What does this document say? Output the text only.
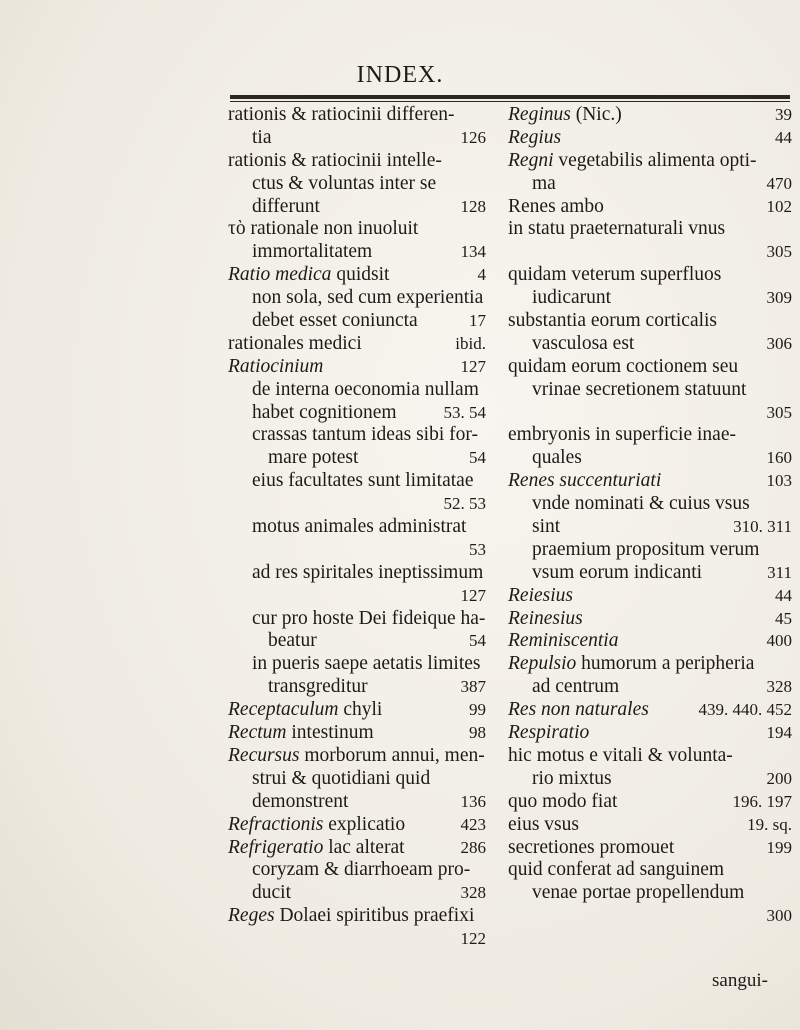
INDEX.
rationis & ratiocinii differen-
tia	126
rationis & ratiocinii intelle-
ctus & voluntas inter se
differunt	128
τὸ rationale non inuoluit
immortalitatem	134
Ratio medica quidsit	4
non sola, sed cum experientia
debet esset coniuncta	17
rationales medici	ibid.
Ratiocinium	127
de interna oeconomia nullam
habet cognitionem	53. 54
crassas tantum ideas sibi for-
mare potest	54
eius facultates sunt limitatae
52. 53
motus animales administrat
53
ad res spiritales ineptissimum
127
cur pro hoste Dei fideique ha-
beatur	54
in pueris saepe aetatis limites
transgreditur	387
Receptaculum chyli	99
Rectum intestinum	98
Recursus morborum annui, men-
strui & quotidiani quid
demonstrent	136
Refractionis explicatio	423
Refrigeratio lac alterat	286
coryzam & diarrhoeam pro-
ducit	328
Reges Dolaei spiritibus praefixi
122
Reginus (Nic.)	39
Regius	44
Regni vegetabilis alimenta opti-
ma	470
Renes ambo	102
in statu praeternaturali vnus
305
quidam veterum superfluos
iudicarunt	309
substantia eorum corticalis
vasculosa est	306
quidam eorum coctionem seu
vrinae secretionem statuunt
305
embryonis in superficie inae-
quales	160
Renes succenturiati	103
vnde nominati & cuius vsus
sint	310. 311
praemium propositum verum
vsum eorum indicanti	311
Reiesius	44
Reinesius	45
Reminiscentia	400
Repulsio humorum a peripheria
ad centrum	328
Res non naturales	439. 440. 452
Respiratio	194
hic motus e vitali & volunta-
rio mixtus	200
quo modo fiat	196. 197
eius vsus	19. sq.
secretiones promouet	199
quid conferat ad sanguinem
venae portae propellendum
300
sangui-
